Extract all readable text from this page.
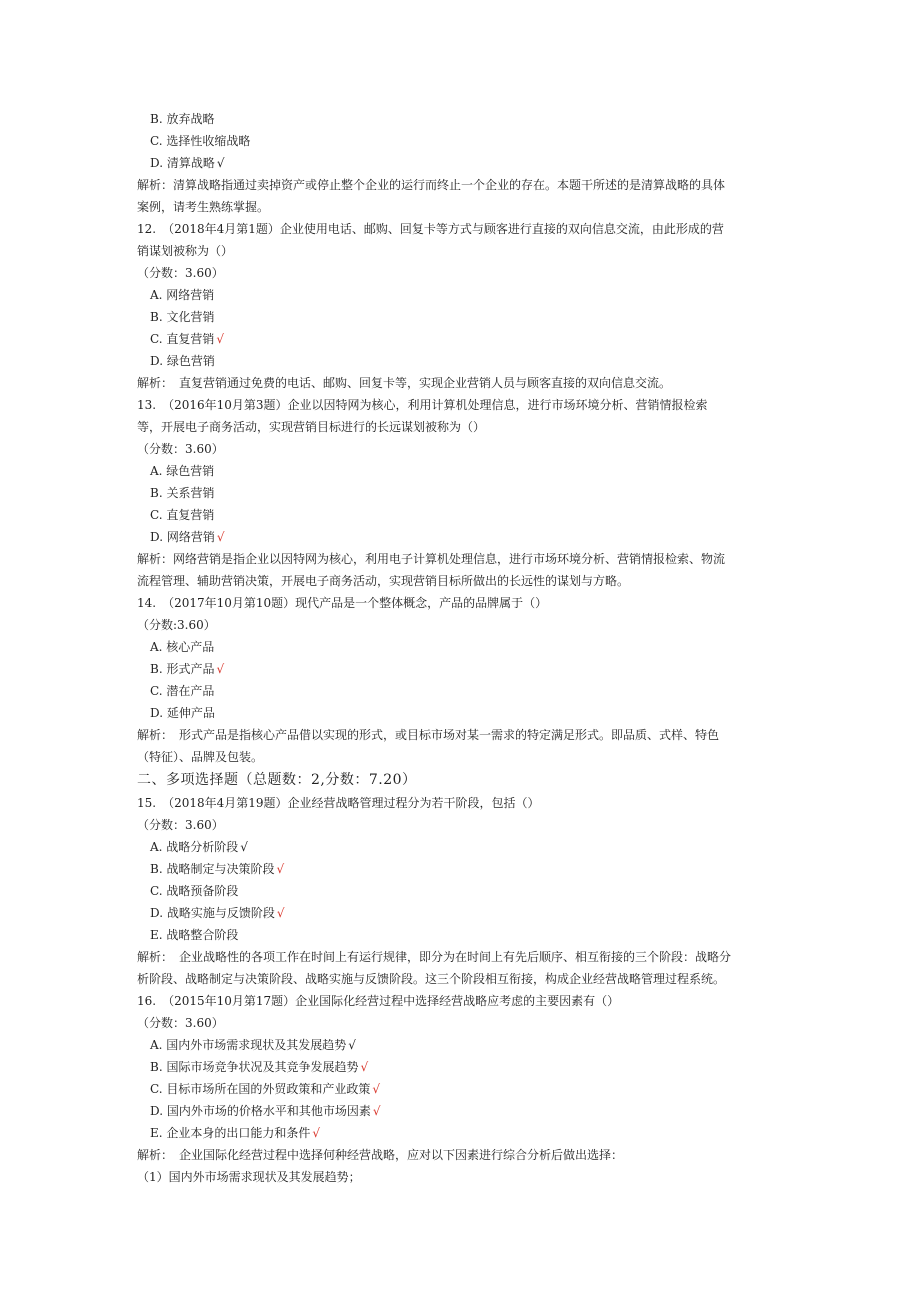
B. 放弃战略
C. 选择性收缩战略
D. 清算战略 √
解析：清算战略指通过卖掉资产或停止整个企业的运行而终止一个企业的存在。本题干所述的是清算战略的具体
案例，请考生熟练掌握。
12.　（2018年4月第1题）企业使用电话、邮购、回复卡等方式与顾客进行直接的双向信息交流，由此形成的营
销谋划被称为（）
（分数：3.60）
A. 网络营销
B. 文化营销
C. 直复营销 √
D. 绿色营销
解析：　直复营销通过免费的电话、邮购、回复卡等，实现企业营销人员与顾客直接的双向信息交流。
13.　（2016年10月第3题）企业以因特网为核心，利用计算机处理信息，进行市场环境分析、营销情报检索
等，开展电子商务活动，实现营销目标进行的长远谋划被称为（）
（分数：3.60）
A. 绿色营销
B. 关系营销
C. 直复营销
D. 网络营销 √
解析：网络营销是指企业以因特网为核心，利用电子计算机处理信息，进行市场环境分析、营销情报检索、物流
流程管理、辅助营销决策，开展电子商务活动，实现营销目标所做出的长远性的谋划与方略。
14.　（2017年10月第10题）现代产品是一个整体概念，产品的品牌属于（）
（分数:3.60）
A. 核心产品
B. 形式产品 √
C. 潜在产品
D. 延伸产品
解析：　形式产品是指核心产品借以实现的形式，或目标市场对某一需求的特定满足形式。即品质、式样、特色
（特征）、品牌及包装。
二、多项选择题（总题数：2,分数：7.20）
15.　（2018年4月第19题）企业经营战略管理过程分为若干阶段，包括（）
（分数：3.60）
A. 战略分析阶段 √
B. 战略制定与决策阶段 √
C. 战略预备阶段
D. 战略实施与反馈阶段 √
E. 战略整合阶段
解析：　企业战略性的各项工作在时间上有运行规律，即分为在时间上有先后顺序、相互衔接的三个阶段：战略分
析阶段、战略制定与决策阶段、战略实施与反馈阶段。这三个阶段相互衔接，构成企业经营战略管理过程系统。
16.　（2015年10月第17题）企业国际化经营过程中选择经营战略应考虑的主要因素有（）
（分数：3.60）
A. 国内外市场需求现状及其发展趋势 √
B. 国际市场竞争状况及其竞争发展趋势 √
C. 目标市场所在国的外贸政策和产业政策 √
D. 国内外市场的价格水平和其他市场因素 √
E. 企业本身的出口能力和条件 √
解析：　企业国际化经营过程中选择何种经营战略，应对以下因素进行综合分析后做出选择：
（1）国内外市场需求现状及其发展趋势；
